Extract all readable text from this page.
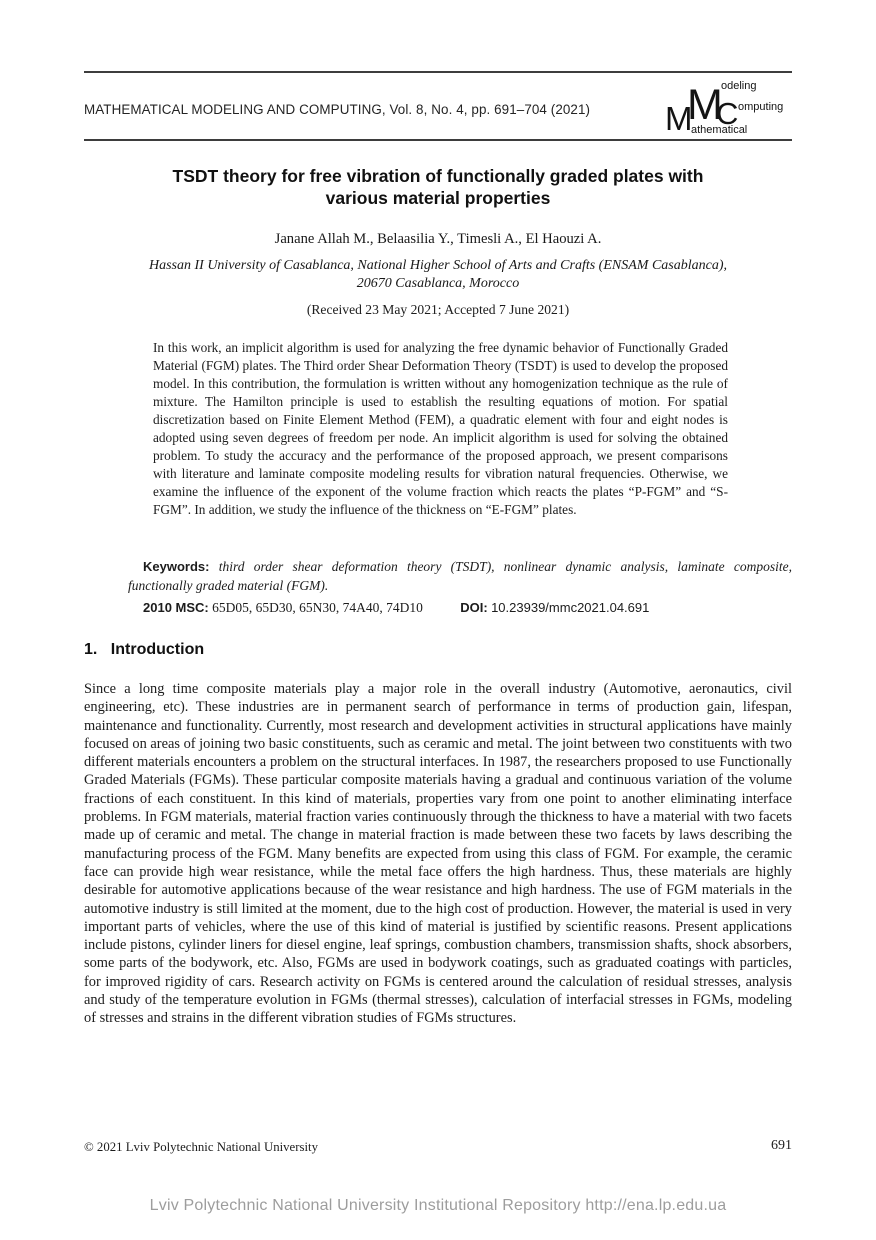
MATHEMATICAL MODELING AND COMPUTING, Vol. 8, No. 4, pp. 691–704 (2021)	M
M
C
odeling
omputing
athematical
TSDT theory for free vibration of functionally graded plates with
various material properties
Janane Allah M., Belaasilia Y., Timesli A., El Haouzi A.
Hassan II University of Casablanca, National Higher School of Arts and Crafts (ENSAM Casablanca),
20670 Casablanca, Morocco
(Received 23 May 2021; Accepted 7 June 2021)
In this work, an implicit algorithm is used for analyzing the free dynamic behavior of Functionally Graded Material (FGM) plates. The Third order Shear Deformation Theory (TSDT) is used to develop the proposed model. In this contribution, the formulation is written without any homogenization technique as the rule of mixture. The Hamilton principle is used to establish the resulting equations of motion. For spatial discretization based on Finite Element Method (FEM), a quadratic element with four and eight nodes is adopted using seven degrees of freedom per node. An implicit algorithm is used for solving the obtained problem. To study the accuracy and the performance of the proposed approach, we present comparisons with literature and laminate composite modeling results for vibration natural frequencies. Otherwise, we examine the influence of the exponent of the volume fraction which reacts the plates “P-FGM” and “S-FGM”. In addition, we study the influence of the thickness on “E-FGM” plates.
Keywords: third order shear deformation theory (TSDT), nonlinear dynamic analysis, laminate composite, functionally graded material (FGM).
2010 MSC: 65D05, 65D30, 65N30, 74A40, 74D10	DOI: 10.23939/mmc2021.04.691
1. Introduction
Since a long time composite materials play a major role in the overall industry (Automotive, aeronautics, civil engineering, etc). These industries are in permanent search of performance in terms of production gain, lifespan, maintenance and functionality. Currently, most research and development activities in structural applications have mainly focused on areas of joining two basic constituents, such as ceramic and metal. The joint between two constituents with two different materials encounters a problem on the structural interfaces. In 1987, the researchers proposed to use Functionally Graded Materials (FGMs). These particular composite materials having a gradual and continuous variation of the volume fractions of each constituent. In this kind of materials, properties vary from one point to another eliminating interface problems. In FGM materials, material fraction varies continuously through the thickness to have a material with two facets made up of ceramic and metal. The change in material fraction is made between these two facets by laws describing the manufacturing process of the FGM. Many benefits are expected from using this class of FGM. For example, the ceramic face can provide high wear resistance, while the metal face offers the high hardness. Thus, these materials are highly desirable for automotive applications because of the wear resistance and high hardness. The use of FGM materials in the automotive industry is still limited at the moment, due to the high cost of production. However, the material is used in very important parts of vehicles, where the use of this kind of material is justified by scientific reasons. Present applications include pistons, cylinder liners for diesel engine, leaf springs, combustion chambers, transmission shafts, shock absorbers, some parts of the bodywork, etc. Also, FGMs are used in bodywork coatings, such as graduated coatings with particles, for improved rigidity of cars. Research activity on FGMs is centered around the calculation of residual stresses, analysis and study of the temperature evolution in FGMs (thermal stresses), calculation of interfacial stresses in FGMs, modeling of stresses and strains in the different vibration studies of FGMs structures.
© 2021 Lviv Polytechnic National University	691
Lviv Polytechnic National University Institutional Repository http://ena.lp.edu.ua
